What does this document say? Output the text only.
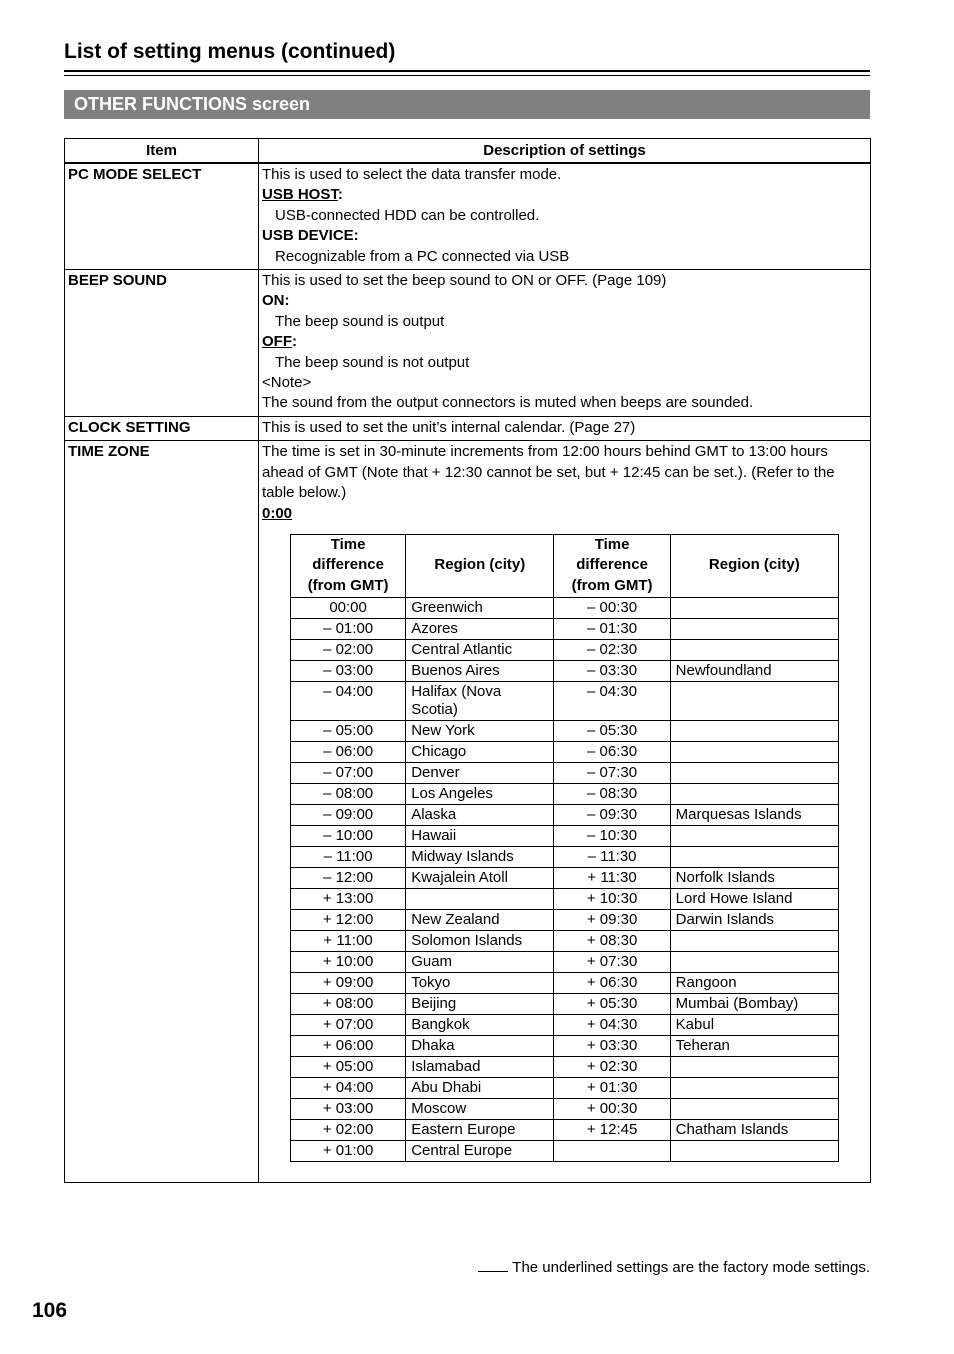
List of setting menus (continued)
OTHER FUNCTIONS screen
Item	Description of settings
PC MODE SELECT	This is used to select the data transfer mode.
USB HOST:
USB-connected HDD can be controlled.
USB DEVICE:
Recognizable from a PC connected via USB

BEEP SOUND	This is used to set the beep sound to ON or OFF. (Page 109)
ON:
The beep sound is output
OFF:
The beep sound is not output
<Note>
The sound from the output connectors is muted when beeps are sounded.

CLOCK SETTING	This is used to set the unit’s internal calendar. (Page 27)
TIME ZONE	The time is set in 30-minute increments from 12:00 hours behind GMT to 13:00 hours ahead of GMT (Note that + 12:30 cannot be set, but + 12:45 can be set.). (Refer to the table below.)
0:00
Time difference (from GMT)	Region (city)	Time difference (from GMT)	Region (city)
00:00	Greenwich	– 00:30	
– 01:00	Azores	– 01:30	
– 02:00	Central Atlantic	– 02:30	
– 03:00	Buenos Aires	– 03:30	Newfoundland
– 04:00	Halifax (Nova Scotia)	– 04:30	
– 05:00	New York	– 05:30	
– 06:00	Chicago	– 06:30	
– 07:00	Denver	– 07:30	
– 08:00	Los Angeles	– 08:30	
– 09:00	Alaska	– 09:30	Marquesas Islands
– 10:00	Hawaii	– 10:30	
– 11:00	Midway Islands	– 11:30	
– 12:00	Kwajalein Atoll	+ 11:30	Norfolk Islands
+ 13:00		+ 10:30	Lord Howe Island
+ 12:00	New Zealand	+ 09:30	Darwin Islands
+ 11:00	Solomon Islands	+ 08:30	
+ 10:00	Guam	+ 07:30	
+ 09:00	Tokyo	+ 06:30	Rangoon
+ 08:00	Beijing	+ 05:30	Mumbai (Bombay)
+ 07:00	Bangkok	+ 04:30	Kabul
+ 06:00	Dhaka	+ 03:30	Teheran
+ 05:00	Islamabad	+ 02:30	
+ 04:00	Abu Dhabi	+ 01:30	
+ 03:00	Moscow	+ 00:30	
+ 02:00	Eastern Europe	+ 12:45	Chatham Islands
+ 01:00	Central Europe		
The underlined settings are the factory mode settings.
106
